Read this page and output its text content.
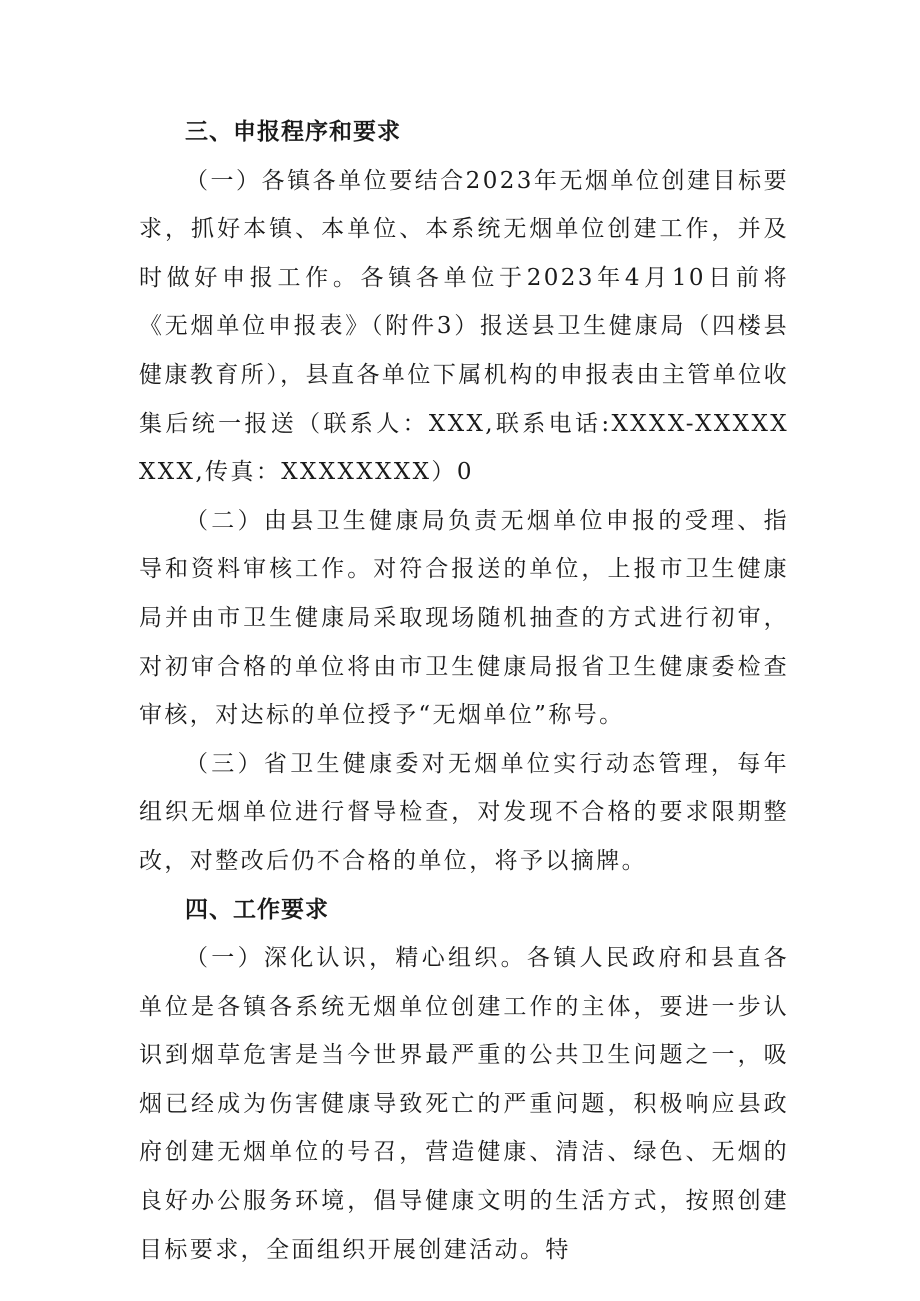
三、申报程序和要求

（一）各镇各单位要结合2023年无烟单位创建目标要求，抓好本镇、本单位、本系统无烟单位创建工作，并及时做好申报工作。各镇各单位于2023年4月10日前将《无烟单位申报表》（附件3）报送县卫生健康局（四楼县健康教育所），县直各单位下属机构的申报表由主管单位收集后统一报送（联系人：XXX,联系电话:XXXX-XXXXXXXX,传真：XXXXXXXX）0

（二）由县卫生健康局负责无烟单位申报的受理、指导和资料审核工作。对符合报送的单位，上报市卫生健康局并由市卫生健康局采取现场随机抽查的方式进行初审，对初审合格的单位将由市卫生健康局报省卫生健康委检查审核，对达标的单位授予“无烟单位”称号。

（三）省卫生健康委对无烟单位实行动态管理，每年组织无烟单位进行督导检查，对发现不合格的要求限期整改，对整改后仍不合格的单位，将予以摘牌。

四、工作要求

（一）深化认识，精心组织。各镇人民政府和县直各单位是各镇各系统无烟单位创建工作的主体，要进一步认识到烟草危害是当今世界最严重的公共卫生问题之一，吸烟已经成为伤害健康导致死亡的严重问题，积极响应县政府创建无烟单位的号召，营造健康、清洁、绿色、无烟的良好办公服务环境，倡导健康文明的生活方式，按照创建目标要求，全面组织开展创建活动。特
